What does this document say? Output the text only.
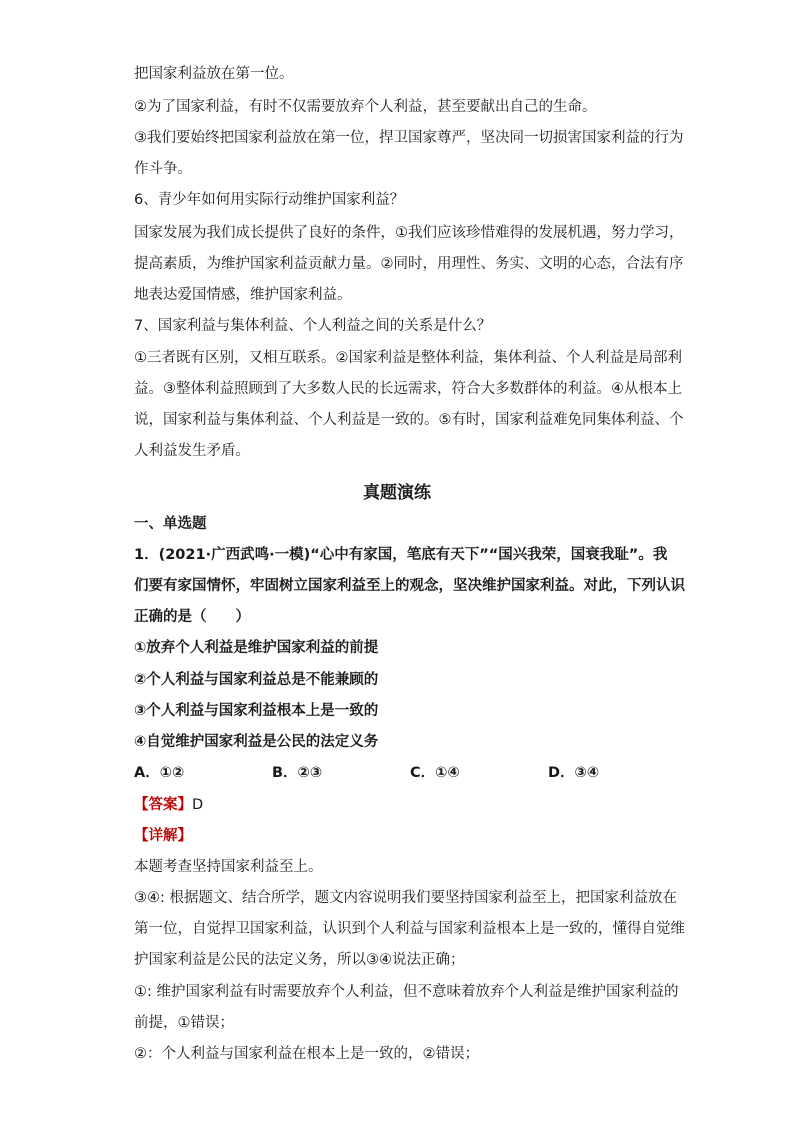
把国家利益放在第一位。
②为了国家利益，有时不仅需要放弃个人利益，甚至要献出自己的生命。
③我们要始终把国家利益放在第一位，捍卫国家尊严，坚决同一切损害国家利益的行为
作斗争。
6、青少年如何用实际行动维护国家利益？
国家发展为我们成长提供了良好的条件，①我们应该珍惜难得的发展机遇，努力学习，
提高素质，为维护国家利益贡献力量。②同时，用理性、务实、文明的心态，合法有序
地表达爱国情感，维护国家利益。
7、国家利益与集体利益、个人利益之间的关系是什么？
①三者既有区别，又相互联系。②国家利益是整体利益，集体利益、个人利益是局部利
益。③整体利益照顾到了大多数人民的长远需求，符合大多数群体的利益。④从根本上
说，国家利益与集体利益、个人利益是一致的。⑤有时，国家利益难免同集体利益、个
人利益发生矛盾。
真题演练
一、单选题
1．(2021·广西武鸣·一模)“心中有家国，笔底有天下”“国兴我荣，国衰我耻”。我
们要有家国情怀，牢固树立国家利益至上的观念，坚决维护国家利益。对此，下列认识
正确的是（　　）
①放弃个人利益是维护国家利益的前提
②个人利益与国家利益总是不能兼顾的
③个人利益与国家利益根本上是一致的
④自觉维护国家利益是公民的法定义务
A．①②	B．②③	C．①④	D．③④
【答案】D
【详解】
本题考查坚持国家利益至上。
③④: 根据题文、结合所学，题文内容说明我们要坚持国家利益至上，把国家利益放在
第一位，自觉捍卫国家利益，认识到个人利益与国家利益根本上是一致的，懂得自觉维
护国家利益是公民的法定义务，所以③④说法正确；
①: 维护国家利益有时需要放弃个人利益，但不意味着放弃个人利益是维护国家利益的
前提，①错误；
②：个人利益与国家利益在根本上是一致的，②错误；
